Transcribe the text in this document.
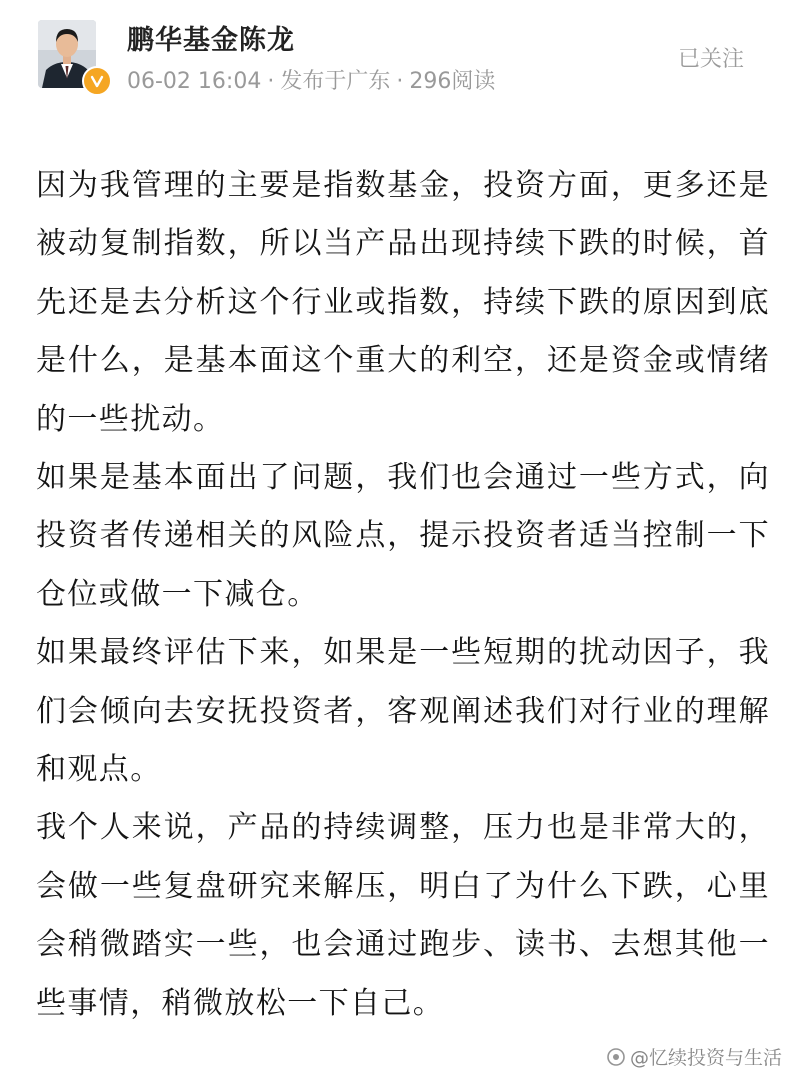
鹏华基金陈龙
06-02 16:04 · 发布于广东 · 296阅读
已关注

因为我管理的主要是指数基金，投资方面，更多还是被动复制指数，所以当产品出现持续下跌的时候，首先还是去分析这个行业或指数，持续下跌的原因到底是什么，是基本面这个重大的利空，还是资金或情绪的一些扰动。

如果是基本面出了问题，我们也会通过一些方式，向投资者传递相关的风险点，提示投资者适当控制一下仓位或做一下减仓。

如果最终评估下来，如果是一些短期的扰动因子，我们会倾向去安抚投资者，客观阐述我们对行业的理解和观点。

我个人来说，产品的持续调整，压力也是非常大的，会做一些复盘研究来解压，明白了为什么下跌，心里会稍微踏实一些，也会通过跑步、读书、去想其他一些事情，稍微放松一下自己。

@忆续投资与生活
